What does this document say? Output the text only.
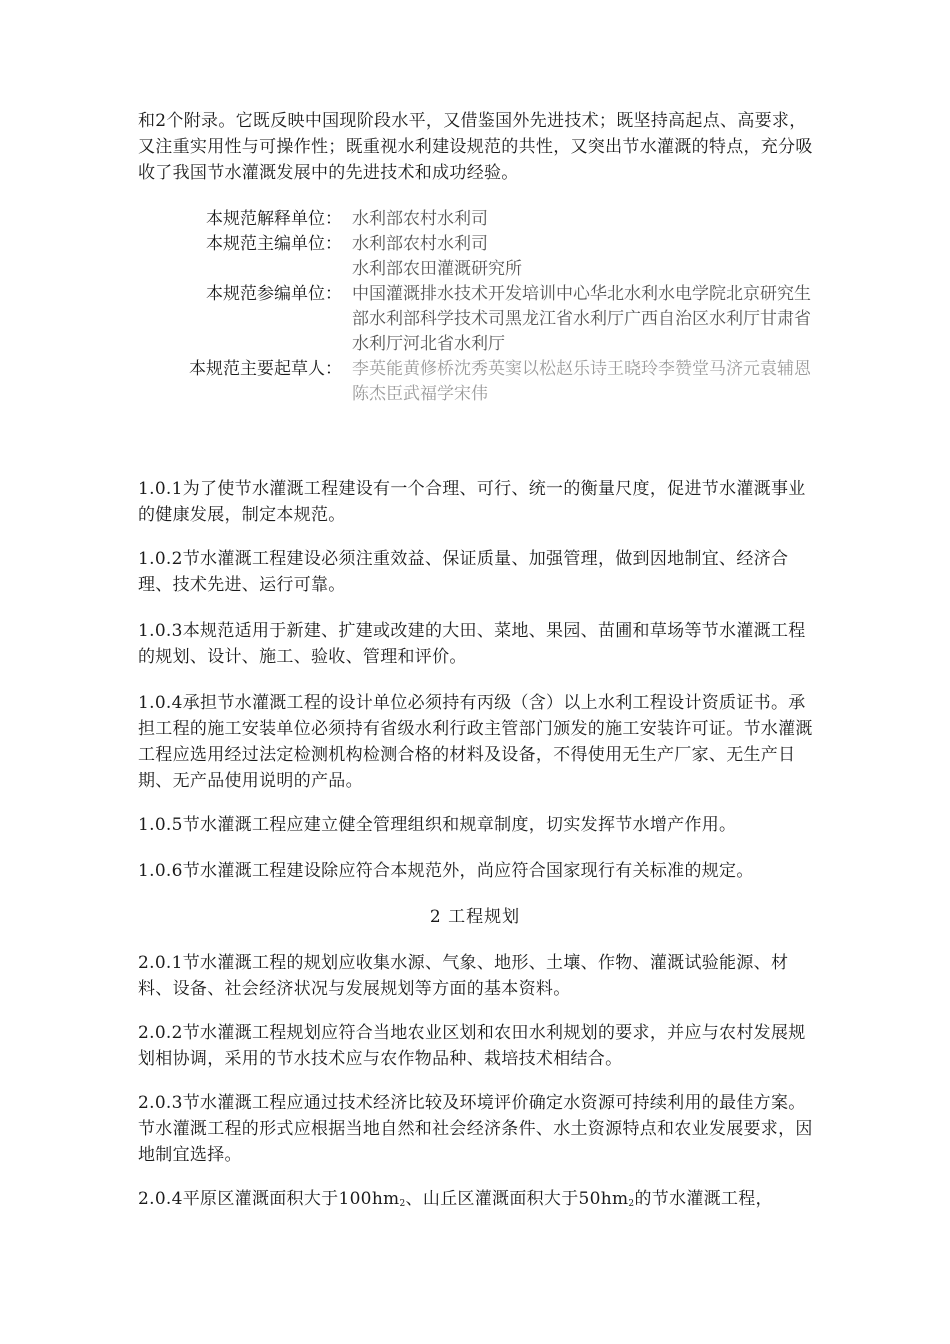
和2个附录。它既反映中国现阶段水平，又借鉴国外先进技术；既坚持高起点、高要求，又注重实用性与可操作性；既重视水利建设规范的共性，又突出节水灌溉的特点，充分吸收了我国节水灌溉发展中的先进技术和成功经验。

本规范解释单位： 水利部农村水利司
本规范主编单位： 水利部农村水利司
水利部农田灌溉研究所
本规范参编单位： 中国灌溉排水技术开发培训中心华北水利水电学院北京研究生部水利部科学技术司黑龙江省水利厅广西自治区水利厅甘肃省水利厅河北省水利厅
本规范主要起草人： 李英能黄修桥沈秀英窦以松赵乐诗王晓玲李赞堂马济元袁辅恩陈杰臣武福学宋伟

1.0.1为了使节水灌溉工程建设有一个合理、可行、统一的衡量尺度，促进节水灌溉事业的健康发展，制定本规范。

1.0.2节水灌溉工程建设必须注重效益、保证质量、加强管理，做到因地制宜、经济合理、技术先进、运行可靠。

1.0.3本规范适用于新建、扩建或改建的大田、菜地、果园、苗圃和草场等节水灌溉工程的规划、设计、施工、验收、管理和评价。

1.0.4承担节水灌溉工程的设计单位必须持有丙级（含）以上水利工程设计资质证书。承担工程的施工安装单位必须持有省级水利行政主管部门颁发的施工安装许可证。节水灌溉工程应选用经过法定检测机构检测合格的材料及设备，不得使用无生产厂家、无生产日期、无产品使用说明的产品。

1.0.5节水灌溉工程应建立健全管理组织和规章制度，切实发挥节水增产作用。

1.0.6节水灌溉工程建设除应符合本规范外，尚应符合国家现行有关标准的规定。

2 工程规划

2.0.1节水灌溉工程的规划应收集水源、气象、地形、土壤、作物、灌溉试验能源、材料、设备、社会经济状况与发展规划等方面的基本资料。

2.0.2节水灌溉工程规划应符合当地农业区划和农田水利规划的要求，并应与农村发展规划相协调，采用的节水技术应与农作物品种、栽培技术相结合。

2.0.3节水灌溉工程应通过技术经济比较及环境评价确定水资源可持续利用的最佳方案。节水灌溉工程的形式应根据当地自然和社会经济条件、水土资源特点和农业发展要求，因地制宜选择。

2.0.4平原区灌溉面积大于$100hm_2$、山丘区灌溉面积大于$50hm_2$的节水灌溉工程，
